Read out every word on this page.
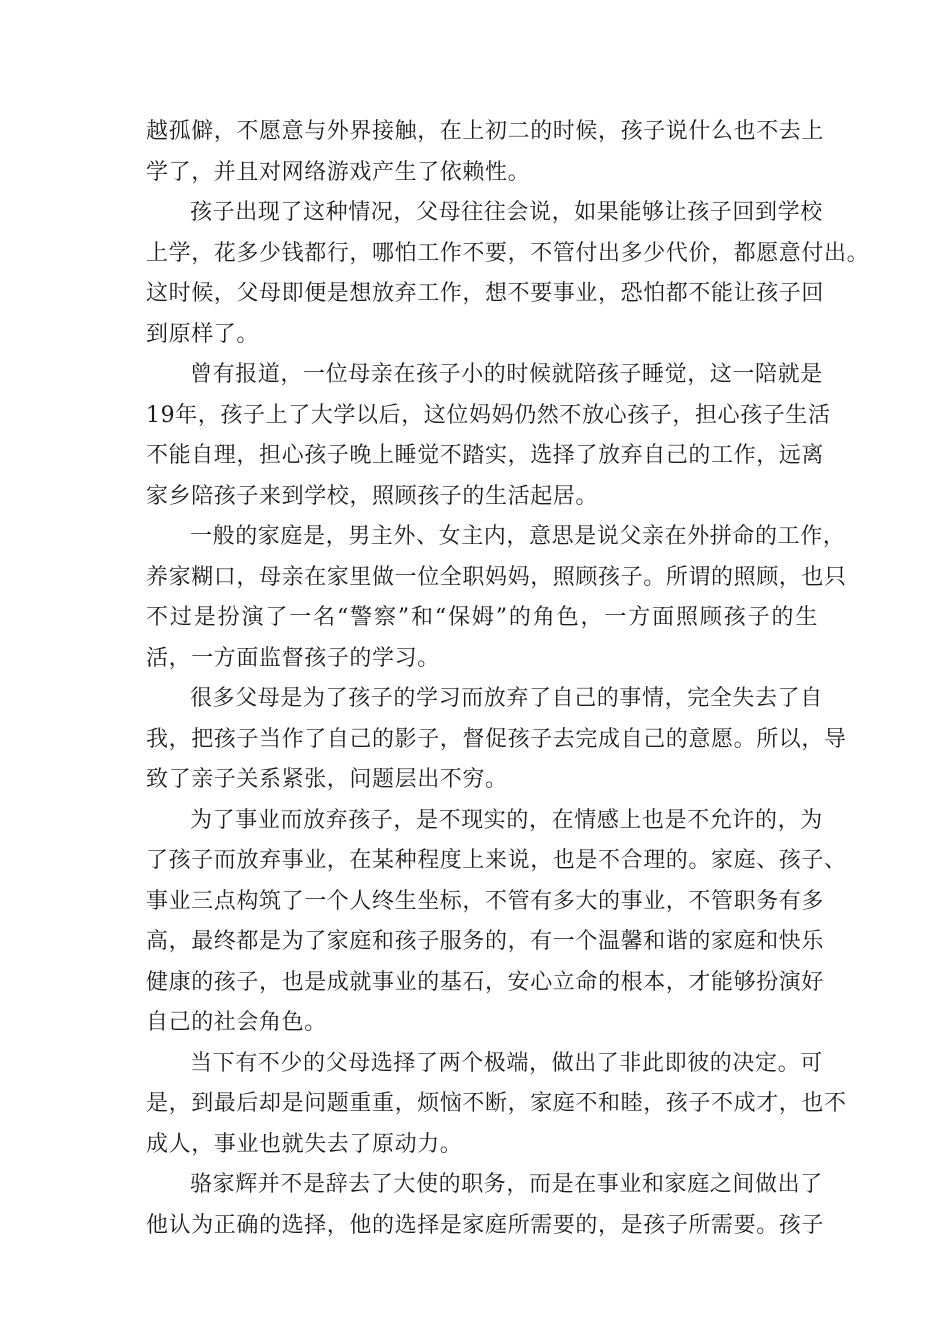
越孤僻，不愿意与外界接触，在上初二的时候，孩子说什么也不去上
学了，并且对网络游戏产生了依赖性。
孩子出现了这种情况，父母往往会说，如果能够让孩子回到学校
上学，花多少钱都行，哪怕工作不要，不管付出多少代价，都愿意付出。
这时候，父母即便是想放弃工作，想不要事业，恐怕都不能让孩子回
到原样了。
曾有报道，一位母亲在孩子小的时候就陪孩子睡觉，这一陪就是
19年，孩子上了大学以后，这位妈妈仍然不放心孩子，担心孩子生活
不能自理，担心孩子晚上睡觉不踏实，选择了放弃自己的工作，远离
家乡陪孩子来到学校，照顾孩子的生活起居。
一般的家庭是，男主外、女主内，意思是说父亲在外拼命的工作，
养家糊口，母亲在家里做一位全职妈妈，照顾孩子。所谓的照顾，也只
不过是扮演了一名“警察”和“保姆”的角色，一方面照顾孩子的生
活，一方面监督孩子的学习。
很多父母是为了孩子的学习而放弃了自己的事情，完全失去了自
我，把孩子当作了自己的影子，督促孩子去完成自己的意愿。所以，导
致了亲子关系紧张，问题层出不穷。
为了事业而放弃孩子，是不现实的，在情感上也是不允许的，为
了孩子而放弃事业，在某种程度上来说，也是不合理的。家庭、孩子、
事业三点构筑了一个人终生坐标，不管有多大的事业，不管职务有多
高，最终都是为了家庭和孩子服务的，有一个温馨和谐的家庭和快乐
健康的孩子，也是成就事业的基石，安心立命的根本，才能够扮演好
自己的社会角色。
当下有不少的父母选择了两个极端，做出了非此即彼的决定。可
是，到最后却是问题重重，烦恼不断，家庭不和睦，孩子不成才，也不
成人，事业也就失去了原动力。
骆家辉并不是辞去了大使的职务，而是在事业和家庭之间做出了
他认为正确的选择，他的选择是家庭所需要的，是孩子所需要。孩子
